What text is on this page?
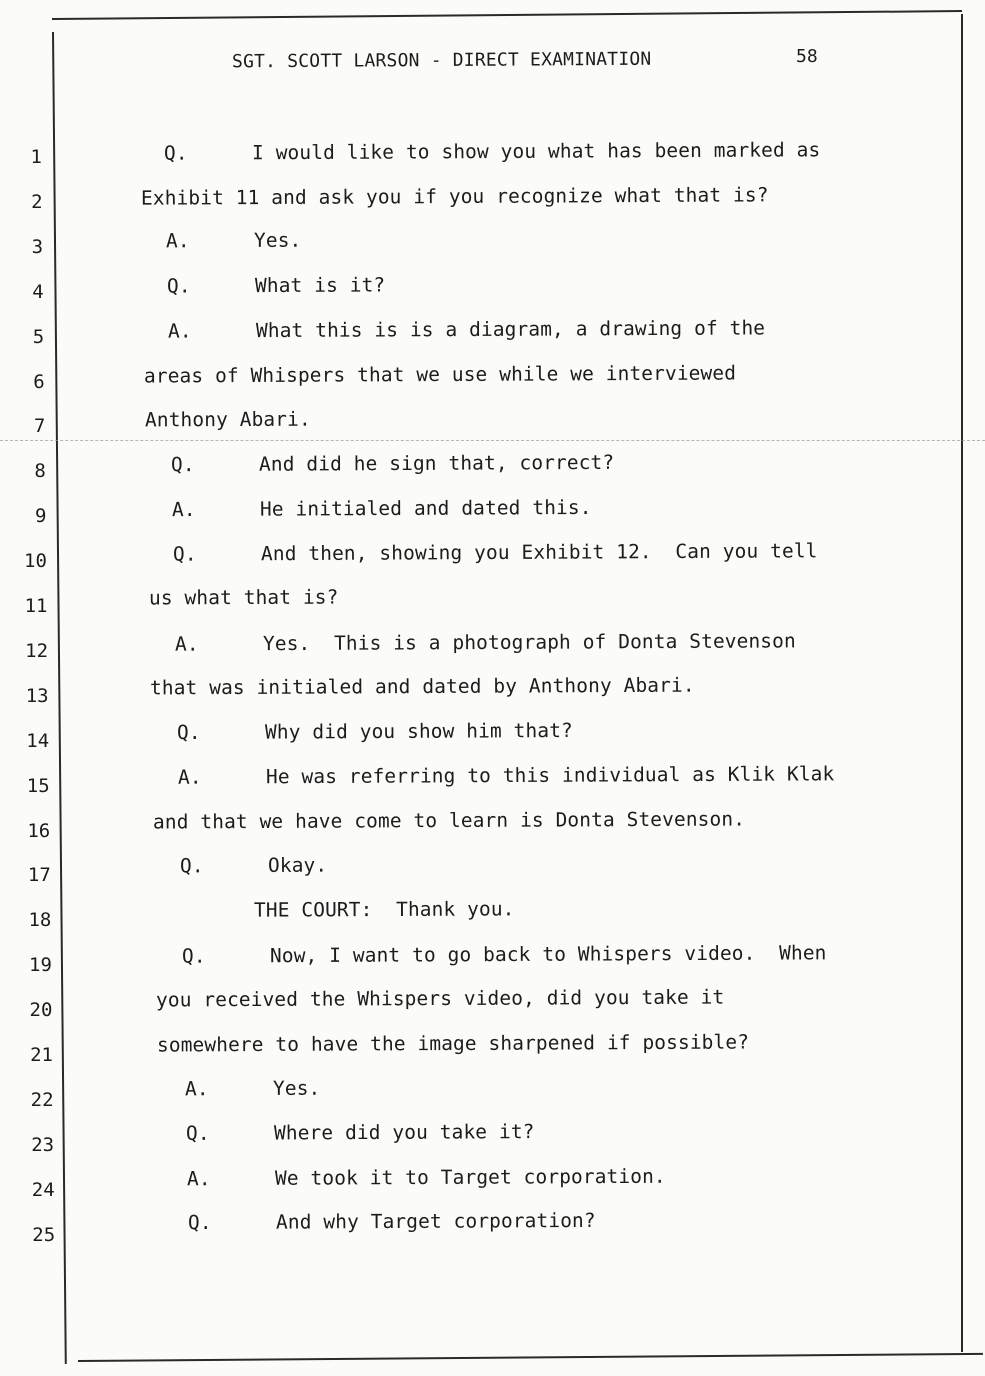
SGT. SCOTT LARSON - DIRECT EXAMINATION	58
1	Q.	I would like to show you what has been marked as
2	Exhibit 11 and ask you if you recognize what that is?
3	A.	Yes.
4	Q.	What is it?
5	A.	What this is is a diagram, a drawing of the
6	areas of Whispers that we use while we interviewed
7	Anthony Abari.
8	Q.	And did he sign that, correct?
9	A.	He initialed and dated this.
10	Q.	And then, showing you Exhibit 12.  Can you tell
11	us what that is?
12	A.	Yes.  This is a photograph of Donta Stevenson
13	that was initialed and dated by Anthony Abari.
14	Q.	Why did you show him that?
15	A.	He was referring to this individual as Klik Klak
16	and that we have come to learn is Donta Stevenson.
17	Q.	Okay.
18	THE COURT:  Thank you.
19	Q.	Now, I want to go back to Whispers video.  When
20	you received the Whispers video, did you take it
21	somewhere to have the image sharpened if possible?
22	A.	Yes.
23	Q.	Where did you take it?
24	A.	We took it to Target corporation.
25
Q.	And why Target corporation?
